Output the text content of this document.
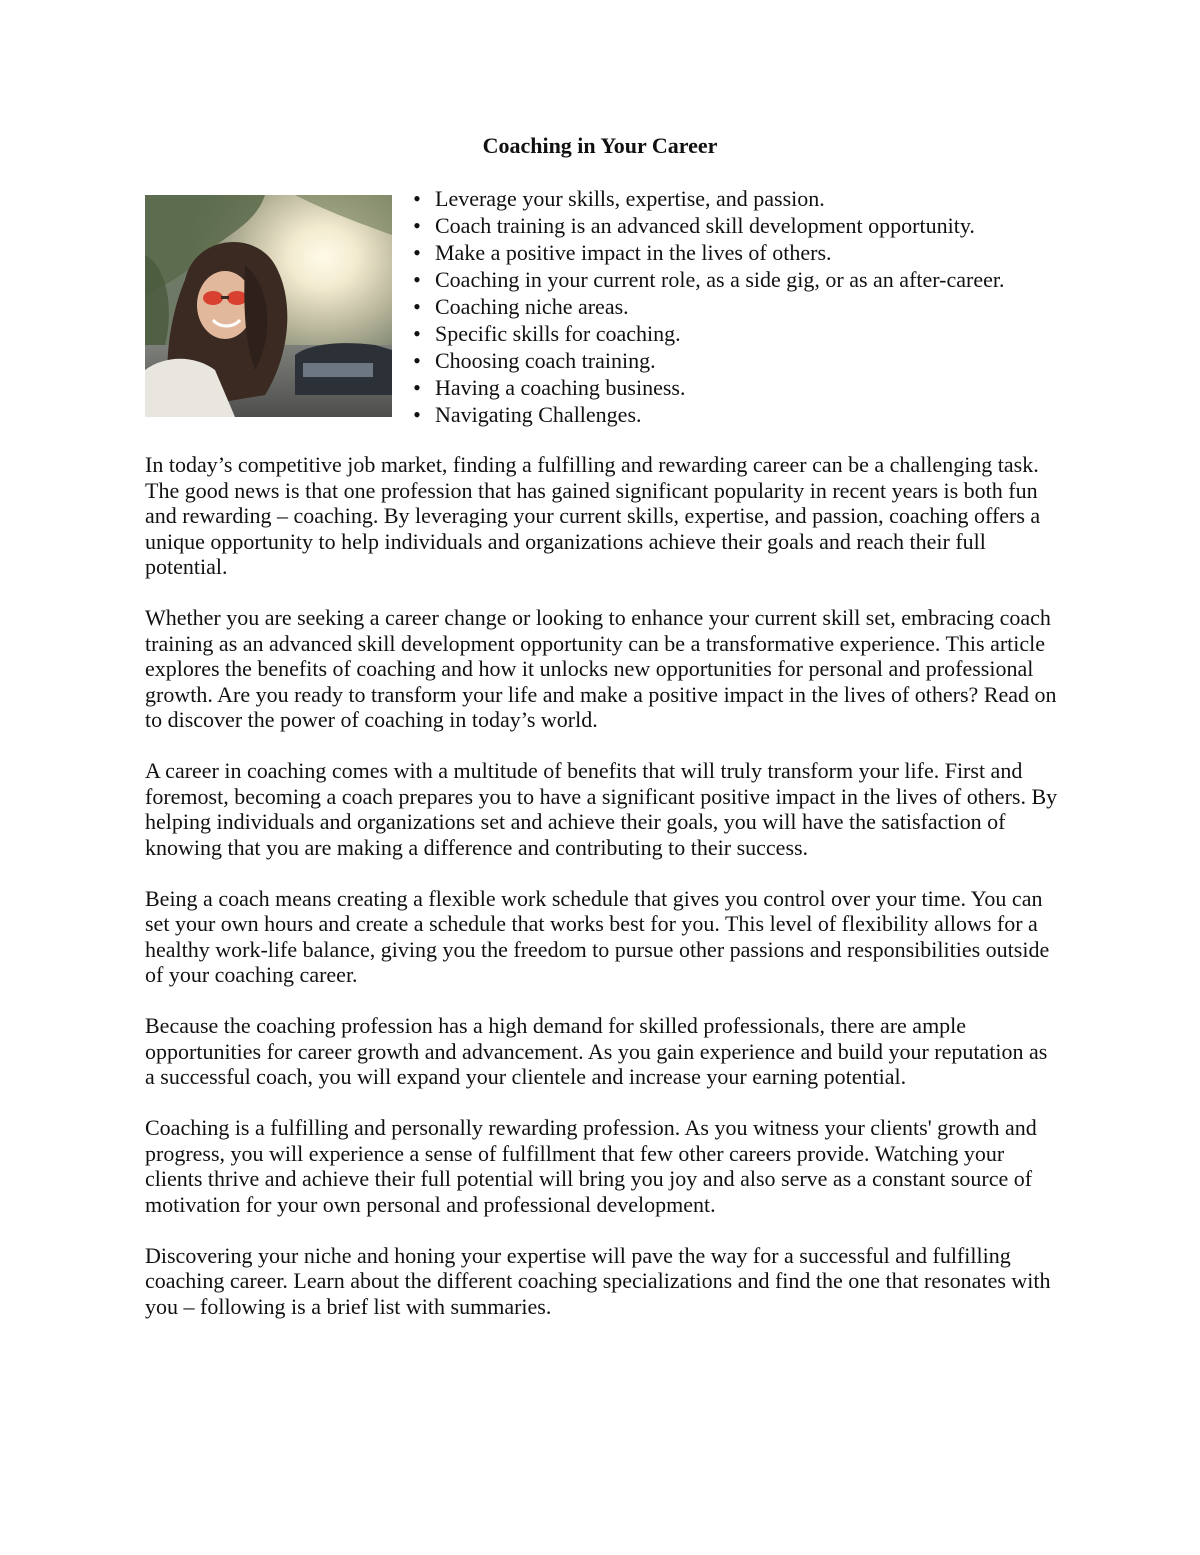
Coaching in Your Career
• Leverage your skills, expertise, and passion.
• Coach training is an advanced skill development opportunity.
• Make a positive impact in the lives of others.
• Coaching in your current role, as a side gig, or as an after-career.
• Coaching niche areas.
• Specific skills for coaching.
• Choosing coach training.
• Having a coaching business.
• Navigating Challenges.

In today’s competitive job market, finding a fulfilling and rewarding career can be a challenging task. The good news is that one profession that has gained significant popularity in recent years is both fun and rewarding – coaching. By leveraging your current skills, expertise, and passion, coaching offers a unique opportunity to help individuals and organizations achieve their goals and reach their full potential.

Whether you are seeking a career change or looking to enhance your current skill set, embracing coach training as an advanced skill development opportunity can be a transformative experience. This article explores the benefits of coaching and how it unlocks new opportunities for personal and professional growth. Are you ready to transform your life and make a positive impact in the lives of others? Read on to discover the power of coaching in today’s world.

A career in coaching comes with a multitude of benefits that will truly transform your life. First and foremost, becoming a coach prepares you to have a significant positive impact in the lives of others. By helping individuals and organizations set and achieve their goals, you will have the satisfaction of knowing that you are making a difference and contributing to their success.

Being a coach means creating a flexible work schedule that gives you control over your time. You can set your own hours and create a schedule that works best for you. This level of flexibility allows for a healthy work-life balance, giving you the freedom to pursue other passions and responsibilities outside of your coaching career.

Because the coaching profession has a high demand for skilled professionals, there are ample opportunities for career growth and advancement. As you gain experience and build your reputation as a successful coach, you will expand your clientele and increase your earning potential.

Coaching is a fulfilling and personally rewarding profession. As you witness your clients' growth and progress, you will experience a sense of fulfillment that few other careers provide. Watching your clients thrive and achieve their full potential will bring you joy and also serve as a constant source of motivation for your own personal and professional development.

Discovering your niche and honing your expertise will pave the way for a successful and fulfilling coaching career. Learn about the different coaching specializations and find the one that resonates with you – following is a brief list with summaries.
